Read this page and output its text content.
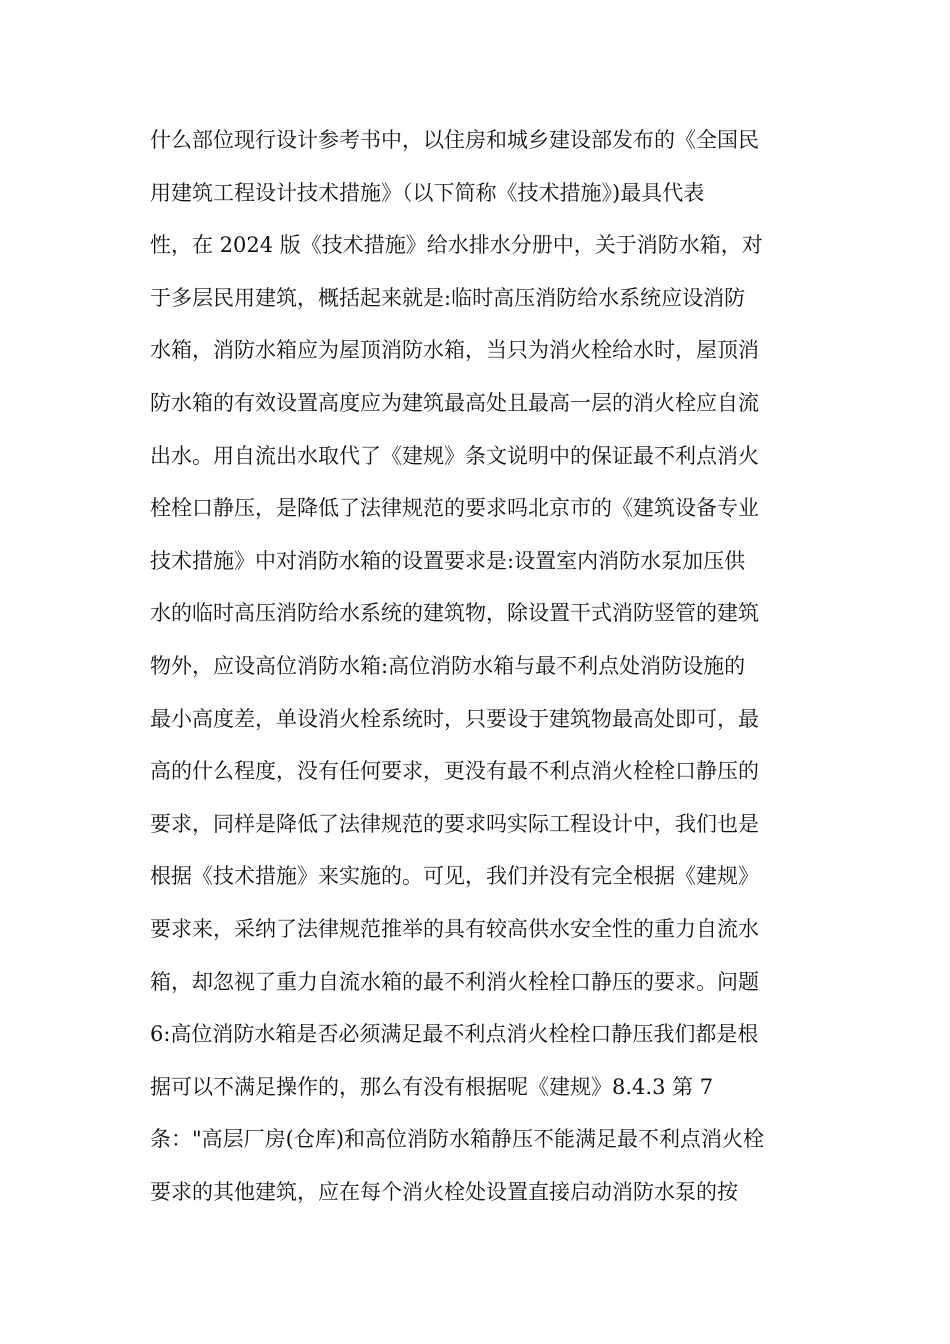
什么部位现行设计参考书中，以住房和城乡建设部发布的《全国民
用建筑工程设计技术措施》（以下简称《技术措施》)最具代表
性，在 2024 版《技术措施》给水排水分册中，关于消防水箱，对
于多层民用建筑，概括起来就是:临时高压消防给水系统应设消防
水箱，消防水箱应为屋顶消防水箱，当只为消火栓给水时，屋顶消
防水箱的有效设置高度应为建筑最高处且最高一层的消火栓应自流
出水。用自流出水取代了《建规》条文说明中的保证最不利点消火
栓栓口静压，是降低了法律规范的要求吗北京市的《建筑设备专业
技术措施》中对消防水箱的设置要求是:设置室内消防水泵加压供
水的临时高压消防给水系统的建筑物，除设置干式消防竖管的建筑
物外，应设高位消防水箱:高位消防水箱与最不利点处消防设施的
最小高度差，单设消火栓系统时，只要设于建筑物最高处即可，最
高的什么程度，没有任何要求，更没有最不利点消火栓栓口静压的
要求，同样是降低了法律规范的要求吗实际工程设计中，我们也是
根据《技术措施》来实施的。可见，我们并没有完全根据《建规》
要求来，采纳了法律规范推举的具有较高供水安全性的重力自流水
箱，却忽视了重力自流水箱的最不利消火栓栓口静压的要求。问题
6:高位消防水箱是否必须满足最不利点消火栓栓口静压我们都是根
据可以不满足操作的，那么有没有根据呢《建规》8.4.3 第 7
条："高层厂房(仓库)和高位消防水箱静压不能满足最不利点消火栓
要求的其他建筑，应在每个消火栓处设置直接启动消防水泵的按
